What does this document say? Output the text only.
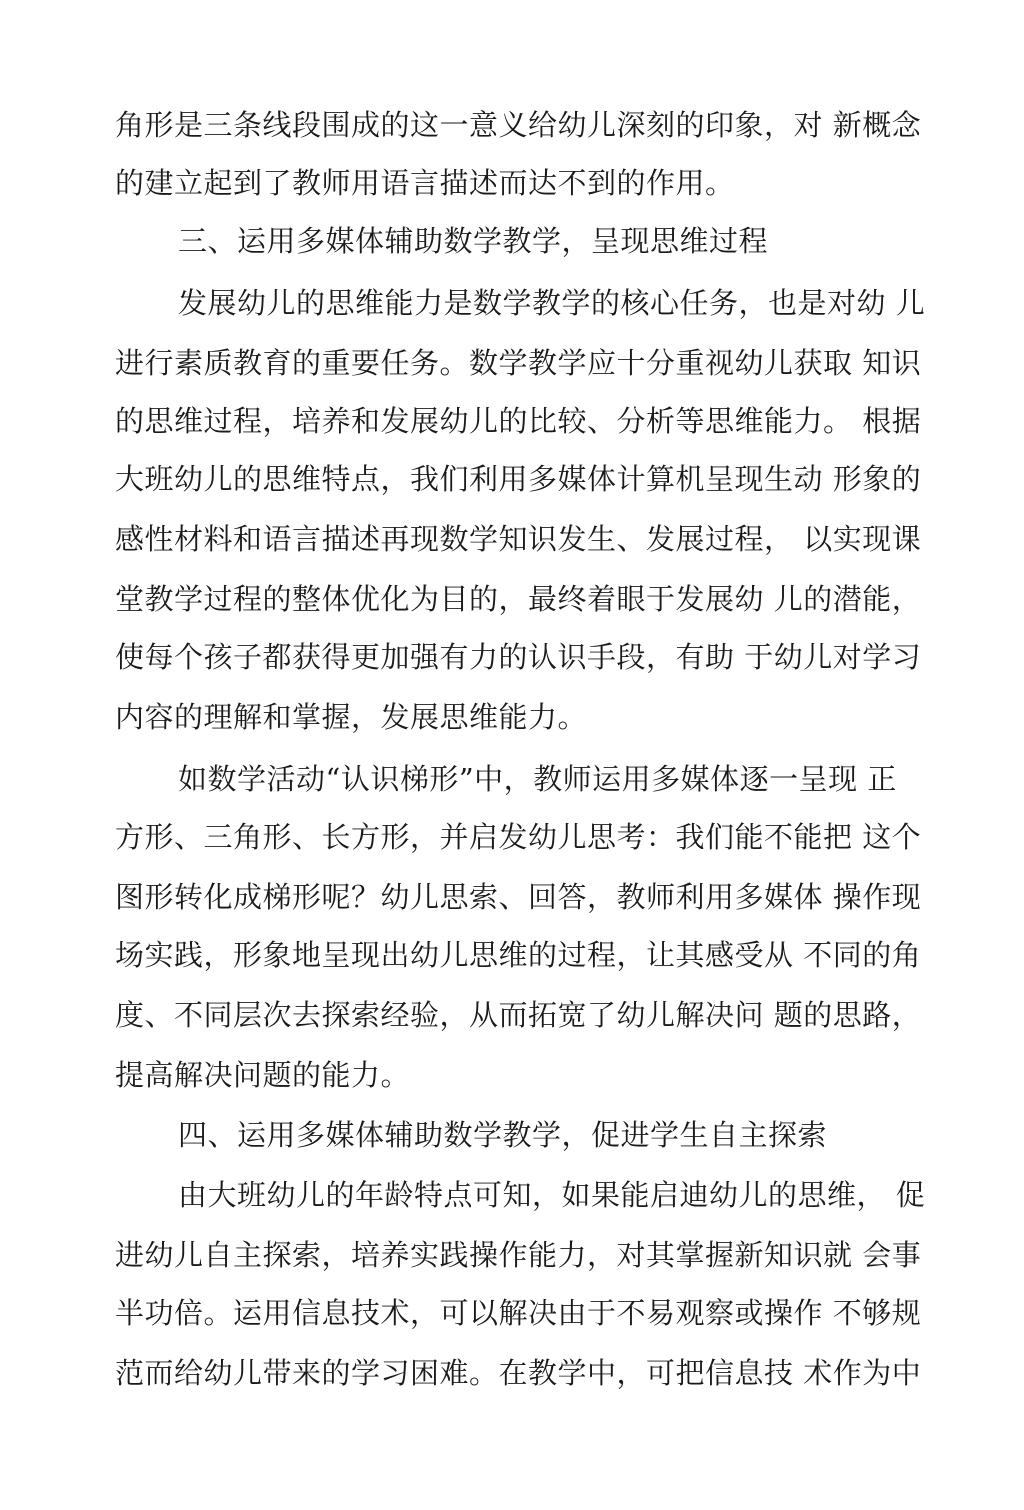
角形是三条线段围成的这一意义给幼儿深刻的印象，对 新概念
的建立起到了教师用语言描述而达不到的作用。
三、运用多媒体辅助数学教学，呈现思维过程
发展幼儿的思维能力是数学教学的核心任务，也是对幼 儿
进行素质教育的重要任务。数学教学应十分重视幼儿获取 知识
的思维过程，培养和发展幼儿的比较、分析等思维能力。 根据
大班幼儿的思维特点，我们利用多媒体计算机呈现生动 形象的
感性材料和语言描述再现数学知识发生、发展过程， 以实现课
堂教学过程的整体优化为目的，最终着眼于发展幼 儿的潜能，
使每个孩子都获得更加强有力的认识手段，有助 于幼儿对学习
内容的理解和掌握，发展思维能力。
如数学活动“认识梯形”中，教师运用多媒体逐一呈现 正
方形、三角形、长方形，并启发幼儿思考：我们能不能把 这个
图形转化成梯形呢？幼儿思索、回答，教师利用多媒体 操作现
场实践，形象地呈现出幼儿思维的过程，让其感受从 不同的角
度、不同层次去探索经验，从而拓宽了幼儿解决问 题的思路，
提高解决问题的能力。
四、运用多媒体辅助数学教学，促进学生自主探索
由大班幼儿的年龄特点可知，如果能启迪幼儿的思维， 促
进幼儿自主探索，培养实践操作能力，对其掌握新知识就 会事
半功倍。运用信息技术，可以解决由于不易观察或操作 不够规
范而给幼儿带来的学习困难。在教学中，可把信息技 术作为中
